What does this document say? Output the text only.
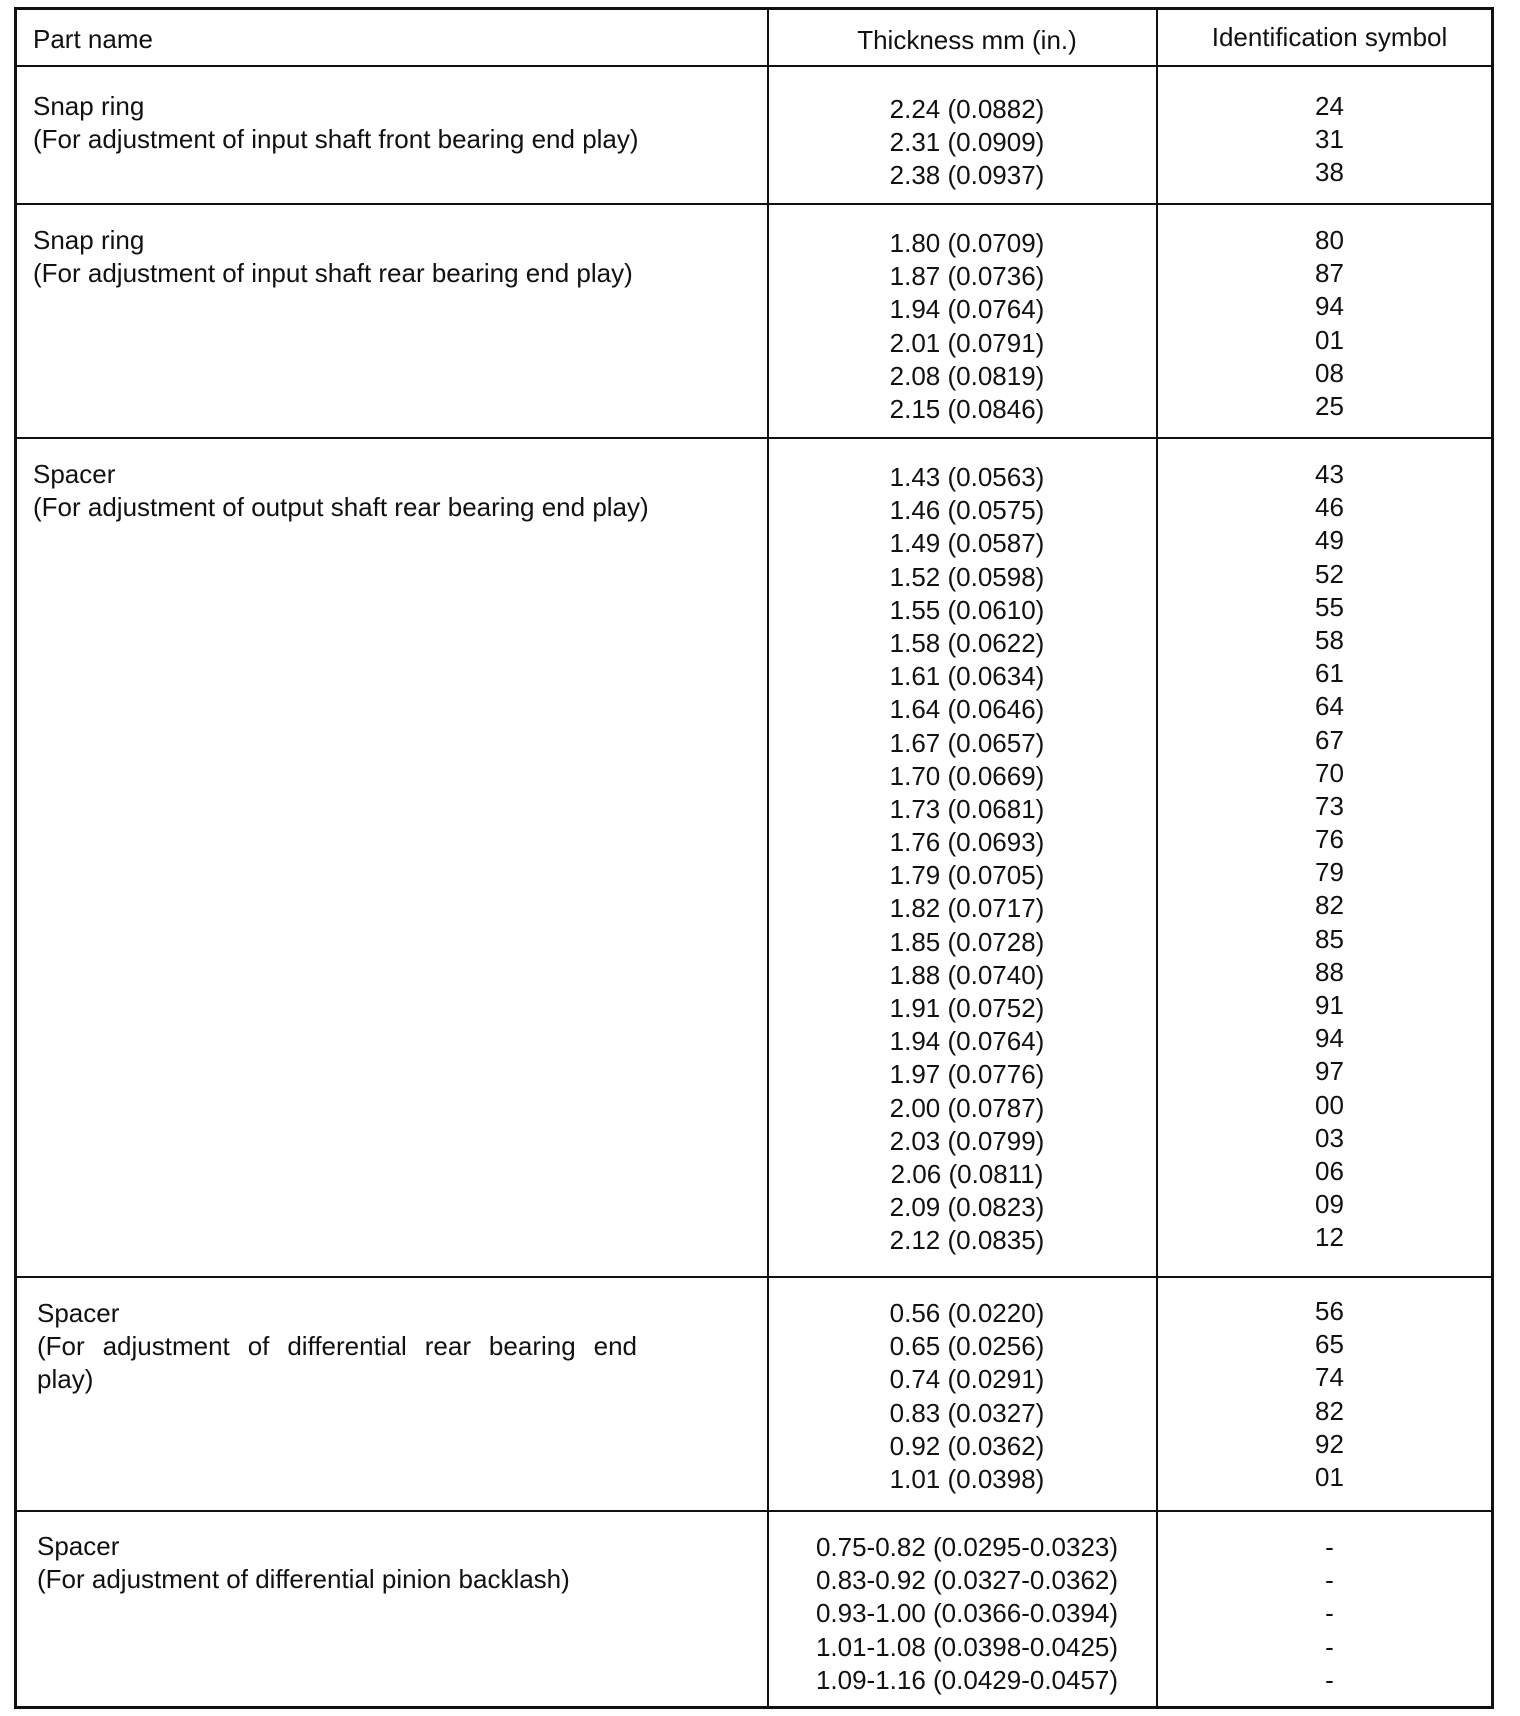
Part name	Thickness mm (in.)	Identification symbol
Snap ring
(For adjustment of input shaft front bearing end play)
2.24 (0.0882)
2.31 (0.0909)
2.38 (0.0937)
24
31
38
Snap ring
(For adjustment of input shaft rear bearing end play)
1.80 (0.0709)
1.87 (0.0736)
1.94 (0.0764)
2.01 (0.0791)
2.08 (0.0819)
2.15 (0.0846)
80
87
94
01
08
25
Spacer
(For adjustment of output shaft rear bearing end play)
1.43 (0.0563)
1.46 (0.0575)
1.49 (0.0587)
1.52 (0.0598)
1.55 (0.0610)
1.58 (0.0622)
1.61 (0.0634)
1.64 (0.0646)
1.67 (0.0657)
1.70 (0.0669)
1.73 (0.0681)
1.76 (0.0693)
1.79 (0.0705)
1.82 (0.0717)
1.85 (0.0728)
1.88 (0.0740)
1.91 (0.0752)
1.94 (0.0764)
1.97 (0.0776)
2.00 (0.0787)
2.03 (0.0799)
2.06 (0.0811)
2.09 (0.0823)
2.12 (0.0835)
43
46
49
52
55
58
61
64
67
70
73
76
79
82
85
88
91
94
97
00
03
06
09
12
Spacer
(For adjustment of differential rear bearing end
play)
0.56 (0.0220)
0.65 (0.0256)
0.74 (0.0291)
0.83 (0.0327)
0.92 (0.0362)
1.01 (0.0398)
56
65
74
82
92
01
Spacer
(For adjustment of differential pinion backlash)
0.75-0.82 (0.0295-0.0323)
0.83-0.92 (0.0327-0.0362)
0.93-1.00 (0.0366-0.0394)
1.01-1.08 (0.0398-0.0425)
1.09-1.16 (0.0429-0.0457)
-
-
-
-
-
